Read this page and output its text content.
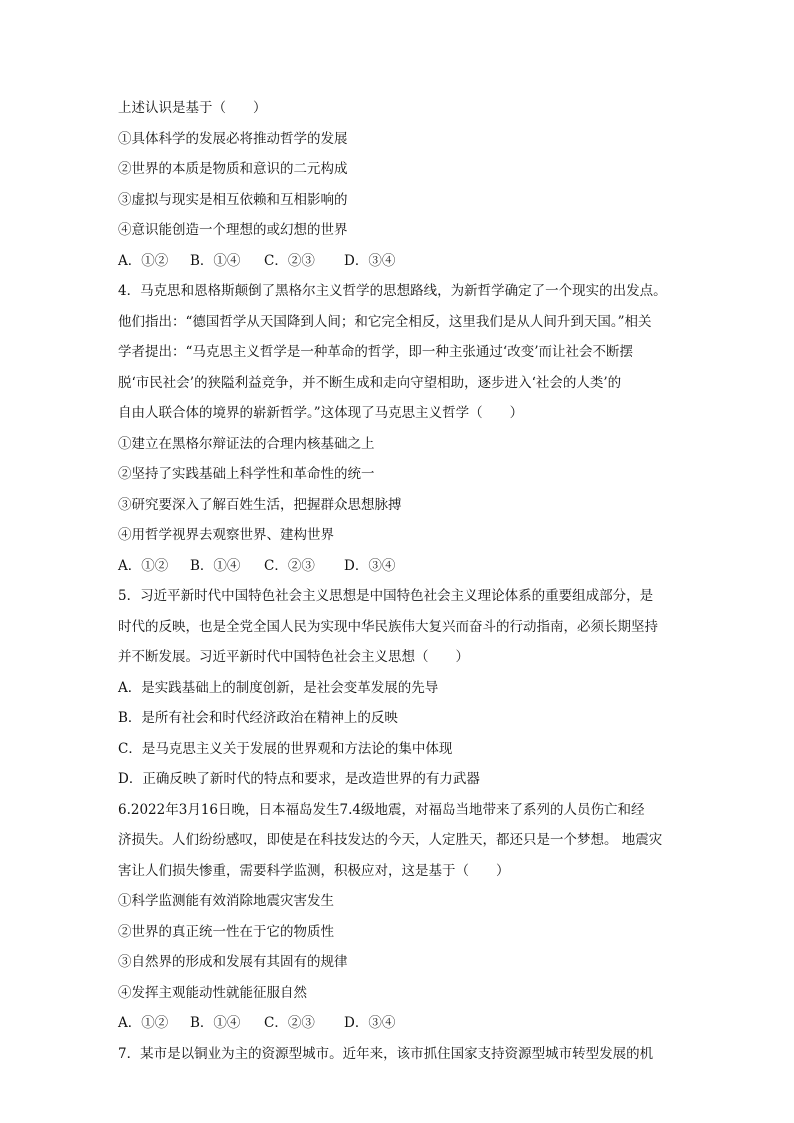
上述认识是基于（　　）
①具体科学的发展必将推动哲学的发展
②世界的本质是物质和意识的二元构成
③虚拟与现实是相互依赖和互相影响的
④意识能创造一个理想的或幻想的世界
A．①② B．①④ C．②③ D．③④
4．马克思和恩格斯颠倒了黑格尔主义哲学的思想路线，为新哲学确定了一个现实的出发点。
他们指出：“德国哲学从天国降到人间；和它完全相反，这里我们是从人间升到天国。”相关
学者提出：“马克思主义哲学是一种革命的哲学，即一种主张通过‘改变’而让社会不断摆
脱‘市民社会’的狭隘利益竞争，并不断生成和走向守望相助，逐步进入‘社会的人类’的
自由人联合体的境界的崭新哲学。”这体现了马克思主义哲学（　　）
①建立在黑格尔辩证法的合理内核基础之上
②坚持了实践基础上科学性和革命性的统一
③研究要深入了解百姓生活，把握群众思想脉搏
④用哲学视界去观察世界、建构世界
A．①② B．①④ C．②③ D．③④
5．习近平新时代中国特色社会主义思想是中国特色社会主义理论体系的重要组成部分，是
时代的反映，也是全党全国人民为实现中华民族伟大复兴而奋斗的行动指南，必须长期坚持
并不断发展。习近平新时代中国特色社会主义思想（　　）
A．是实践基础上的制度创新，是社会变革发展的先导
B．是所有社会和时代经济政治在精神上的反映
C．是马克思主义关于发展的世界观和方法论的集中体现
D．正确反映了新时代的特点和要求，是改造世界的有力武器
6.2022年3月16日晚，日本福岛发生7.4级地震，对福岛当地带来了系列的人员伤亡和经
济损失。人们纷纷感叹，即使是在科技发达的今天，人定胜天，都还只是一个梦想。 地震灾
害让人们损失惨重，需要科学监测，积极应对，这是基于（　　）
①科学监测能有效消除地震灾害发生
②世界的真正统一性在于它的物质性
③自然界的形成和发展有其固有的规律
④发挥主观能动性就能征服自然
A．①② B．①④ C．②③ D．③④
7．某市是以铜业为主的资源型城市。近年来，该市抓住国家支持资源型城市转型发展的机
